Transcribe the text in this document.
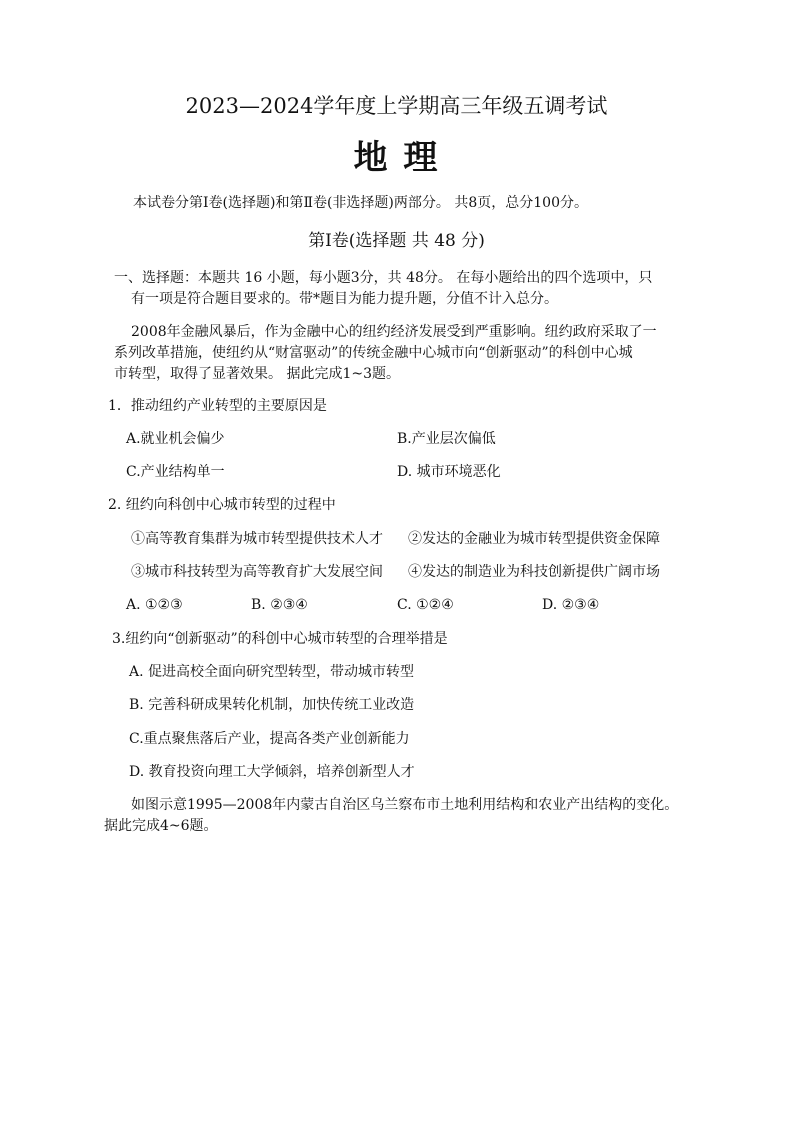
2023—2024学年度上学期高三年级五调考试
地 理
本试卷分第Ⅰ卷(选择题)和第Ⅱ卷(非选择题)两部分。 共8页，总分100分。
第Ⅰ卷(选择题 共 48 分)
一、选择题：本题共 16 小题，每小题3分，共 48分。 在每小题给出的四个选项中，只
有一项是符合题目要求的。带*题目为能力提升题，分值不计入总分。
2008年金融风暴后，作为金融中心的纽约经济发展受到严重影响。纽约政府采取了一
系列改革措施，使纽约从“财富驱动”的传统金融中心城市向“创新驱动”的科创中心城
市转型，取得了显著效果。 据此完成1~3题。
1．推动纽约产业转型的主要原因是
A.就业机会偏少	B.产业层次偏低
C.产业结构单一	D. 城市环境恶化
2. 纽约向科创中心城市转型的过程中
①高等教育集群为城市转型提供技术人才 ②发达的金融业为城市转型提供资金保障
③城市科技转型为高等教育扩大发展空间 ④发达的制造业为科技创新提供广阔市场
A. ①②③	B. ②③④	C. ①②④	D. ②③④
3.纽约向“创新驱动”的科创中心城市转型的合理举措是
A. 促进高校全面向研究型转型，带动城市转型
B. 完善科研成果转化机制，加快传统工业改造
C.重点聚焦落后产业，提高各类产业创新能力
D. 教育投资向理工大学倾斜，培养创新型人才
如图示意1995—2008年内蒙古自治区乌兰察布市土地利用结构和农业产出结构的变化。
据此完成4~6题。
